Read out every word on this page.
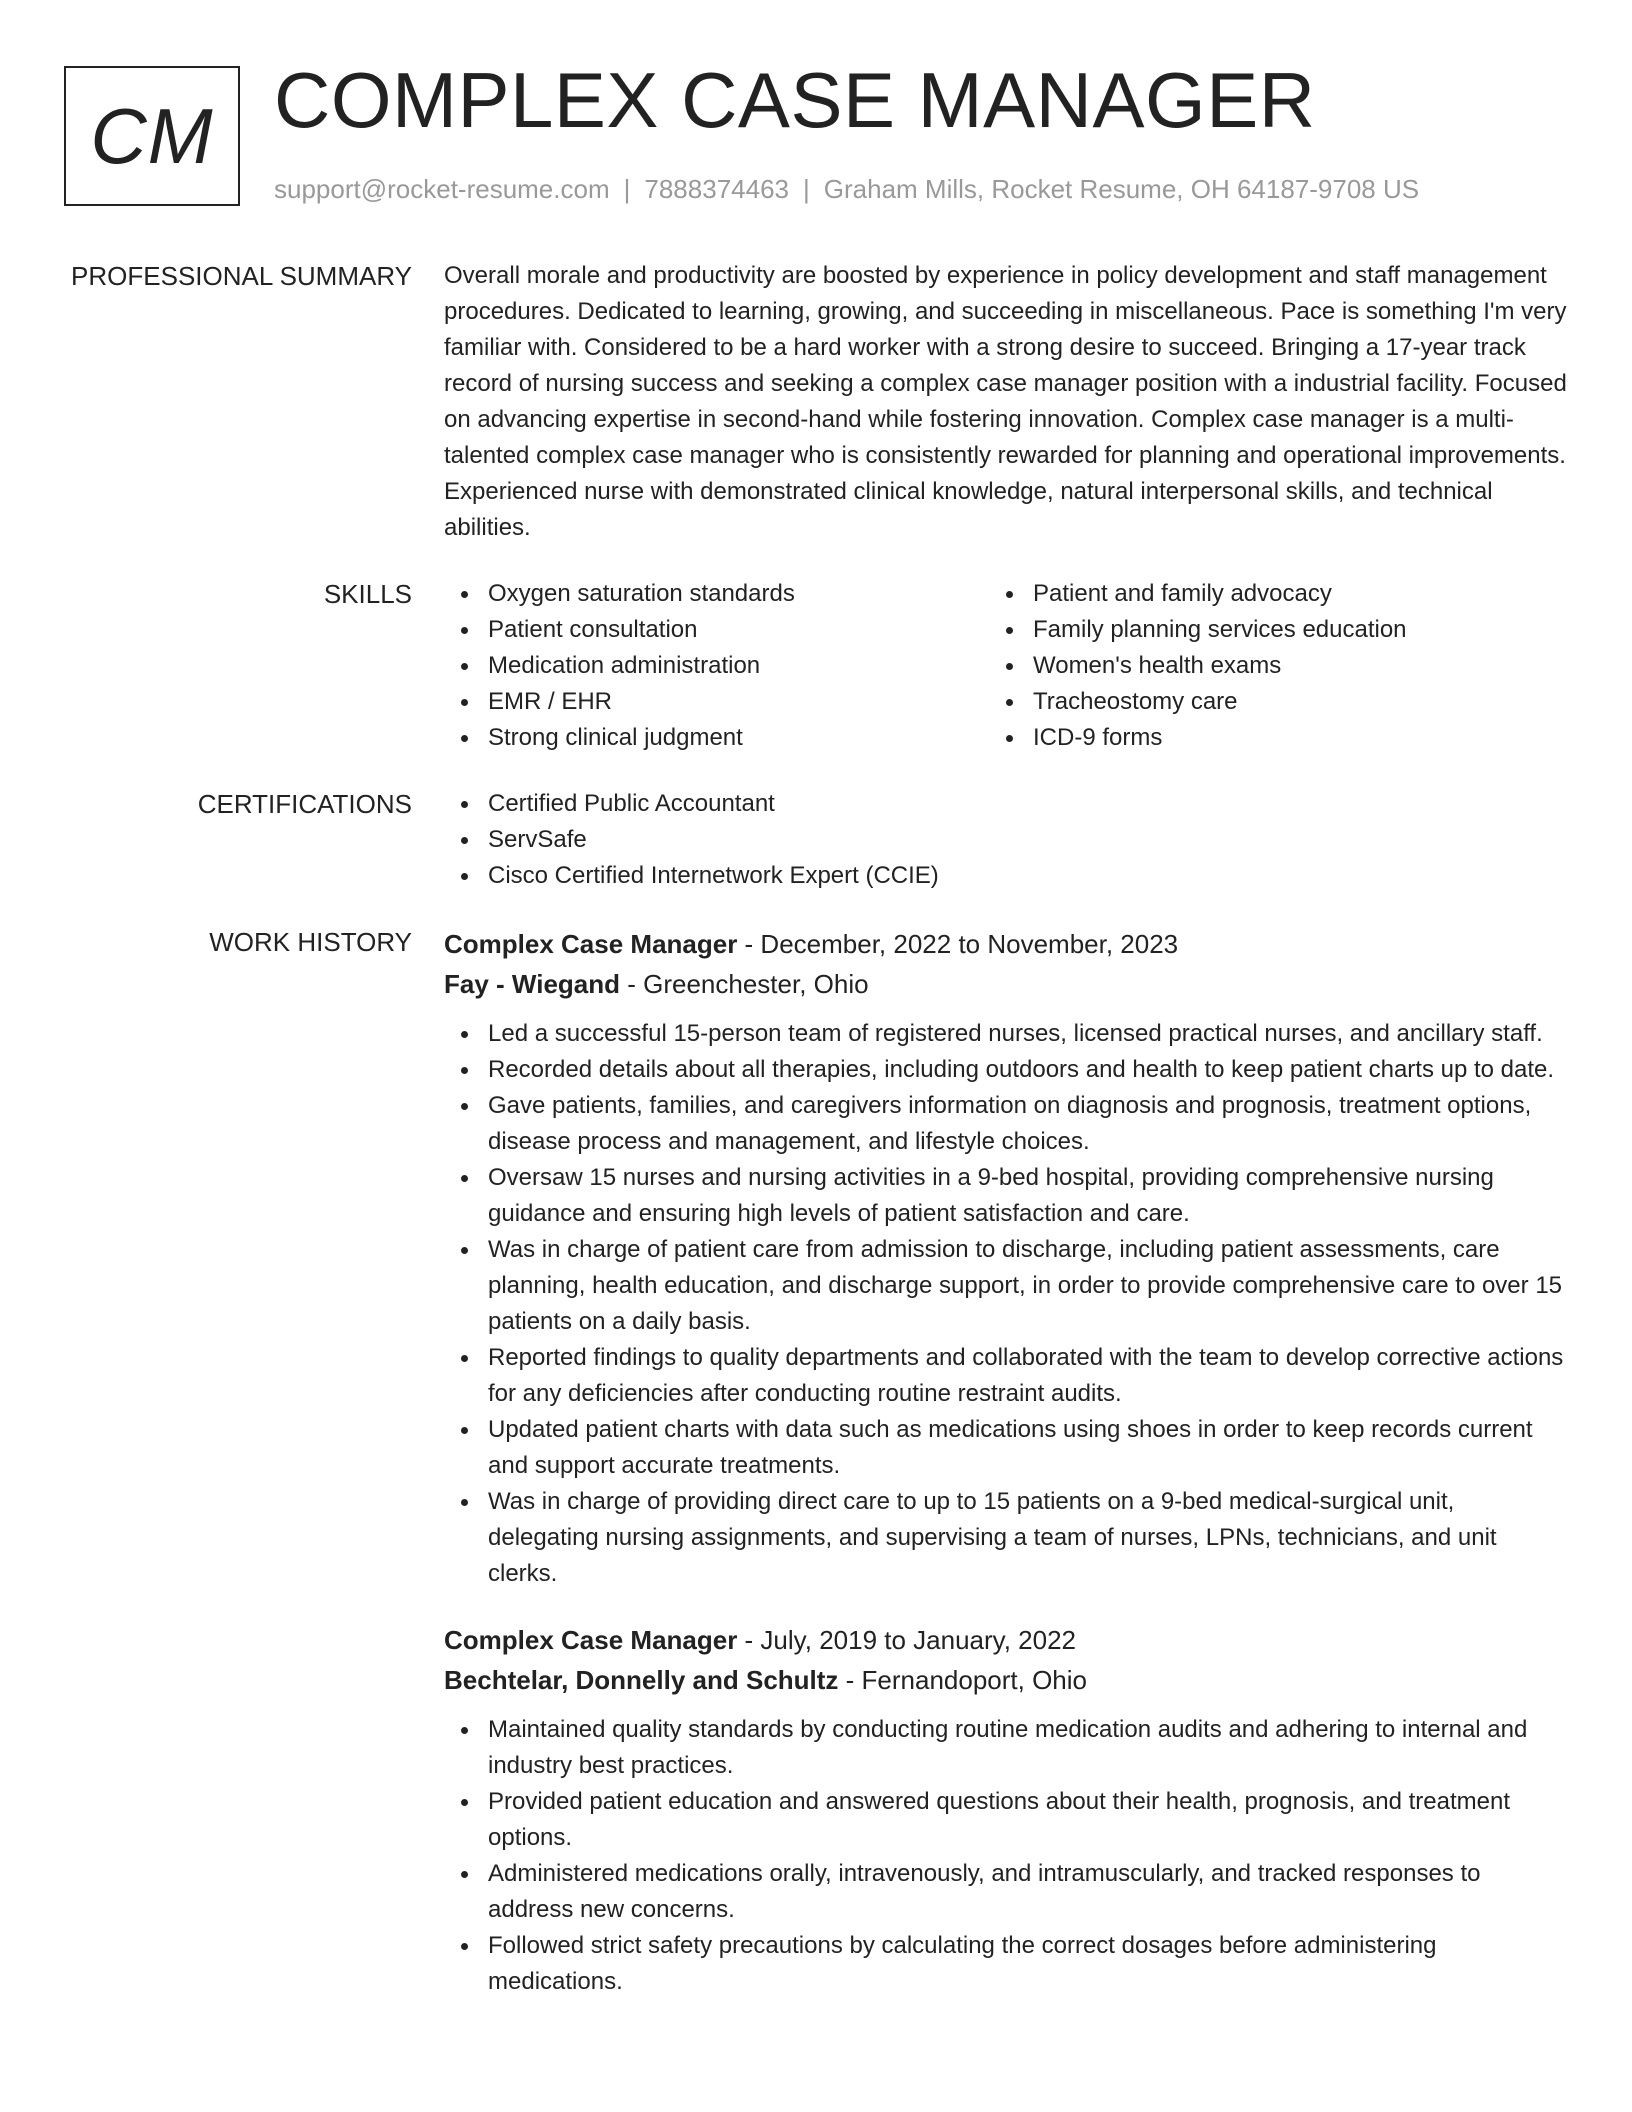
CM COMPLEX CASE MANAGER
support@rocket-resume.com | 7888374463 | Graham Mills, Rocket Resume, OH 64187-9708 US
PROFESSIONAL SUMMARY Overall morale and productivity are boosted by experience in policy development and staff management procedures. Dedicated to learning, growing, and succeeding in miscellaneous. Pace is something I'm very familiar with. Considered to be a hard worker with a strong desire to succeed. Bringing a 17-year track record of nursing success and seeking a complex case manager position with a industrial facility. Focused on advancing expertise in second-hand while fostering innovation. Complex case manager is a multi-talented complex case manager who is consistently rewarded for planning and operational improvements. Experienced nurse with demonstrated clinical knowledge, natural interpersonal skills, and technical abilities.

SKILLS	Oxygen saturation standards
Patient consultation
Medication administration
EMR / EHR
Strong clinical judgment
Patient and family advocacy
Family planning services education
Women's health exams
Tracheostomy care
ICD-9 forms
CERTIFICATIONS	Certified Public Accountant
ServSafe
Cisco Certified Internetwork Expert (CCIE)
WORK HISTORY Complex Case Manager - December, 2022 to November, 2023
Fay - Wiegand - Greenchester, Ohio
Led a successful 15-person team of registered nurses, licensed practical nurses, and ancillary staff.
Recorded details about all therapies, including outdoors and health to keep patient charts up to date.
Gave patients, families, and caregivers information on diagnosis and prognosis, treatment options, disease process and management, and lifestyle choices.
Oversaw 15 nurses and nursing activities in a 9-bed hospital, providing comprehensive nursing guidance and ensuring high levels of patient satisfaction and care.
Was in charge of patient care from admission to discharge, including patient assessments, care planning, health education, and discharge support, in order to provide comprehensive care to over 15 patients on a daily basis.
Reported findings to quality departments and collaborated with the team to develop corrective actions for any deficiencies after conducting routine restraint audits.
Updated patient charts with data such as medications using shoes in order to keep records current and support accurate treatments.
Was in charge of providing direct care to up to 15 patients on a 9-bed medical-surgical unit, delegating nursing assignments, and supervising a team of nurses, LPNs, technicians, and unit clerks.
Complex Case Manager - July, 2019 to January, 2022
Bechtelar, Donnelly and Schultz - Fernandoport, Ohio
Maintained quality standards by conducting routine medication audits and adhering to internal and industry best practices.
Provided patient education and answered questions about their health, prognosis, and treatment options.
Administered medications orally, intravenously, and intramuscularly, and tracked responses to address new concerns.
Followed strict safety precautions by calculating the correct dosages before administering medications.
